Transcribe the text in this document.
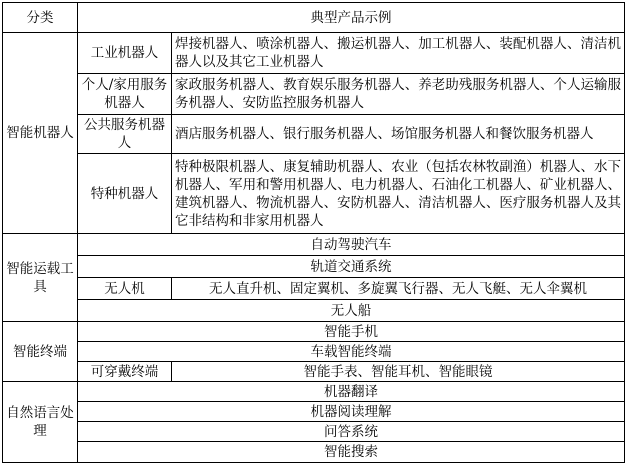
分类	典型产品示例	
智能机器人	工业机器人	焊接机器人、喷涂机器人、搬运机器人、加工机器人、装配机器人、清洁机器人以及其它工业机器人
	个人/家用服务机器人	家政服务机器人、教育娱乐服务机器人、养老助残服务机器人、个人运输服务机器人、安防监控服务机器人
	公共服务机器人	酒店服务机器人、银行服务机器人、场馆服务机器人和餐饮服务机器人
	特种机器人	特种极限机器人、康复辅助机器人、农业（包括农林牧副渔）机器人、水下机器人、军用和警用机器人、电力机器人、石油化工机器人、矿业机器人、建筑机器人、物流机器人、安防机器人、清洁机器人、医疗服务机器人及其它非结构和非家用机器人
智能运载工具	自动驾驶汽车	
	轨道交通系统	
	无人机	无人直升机、固定翼机、多旋翼飞行器、无人飞艇、无人伞翼机
	无人船	
智能终端	智能手机	
	车载智能终端	
	可穿戴终端	智能手表、智能耳机、智能眼镜
自然语言处理	机器翻译	
	机器阅读理解	
	问答系统	
	智能搜索	
